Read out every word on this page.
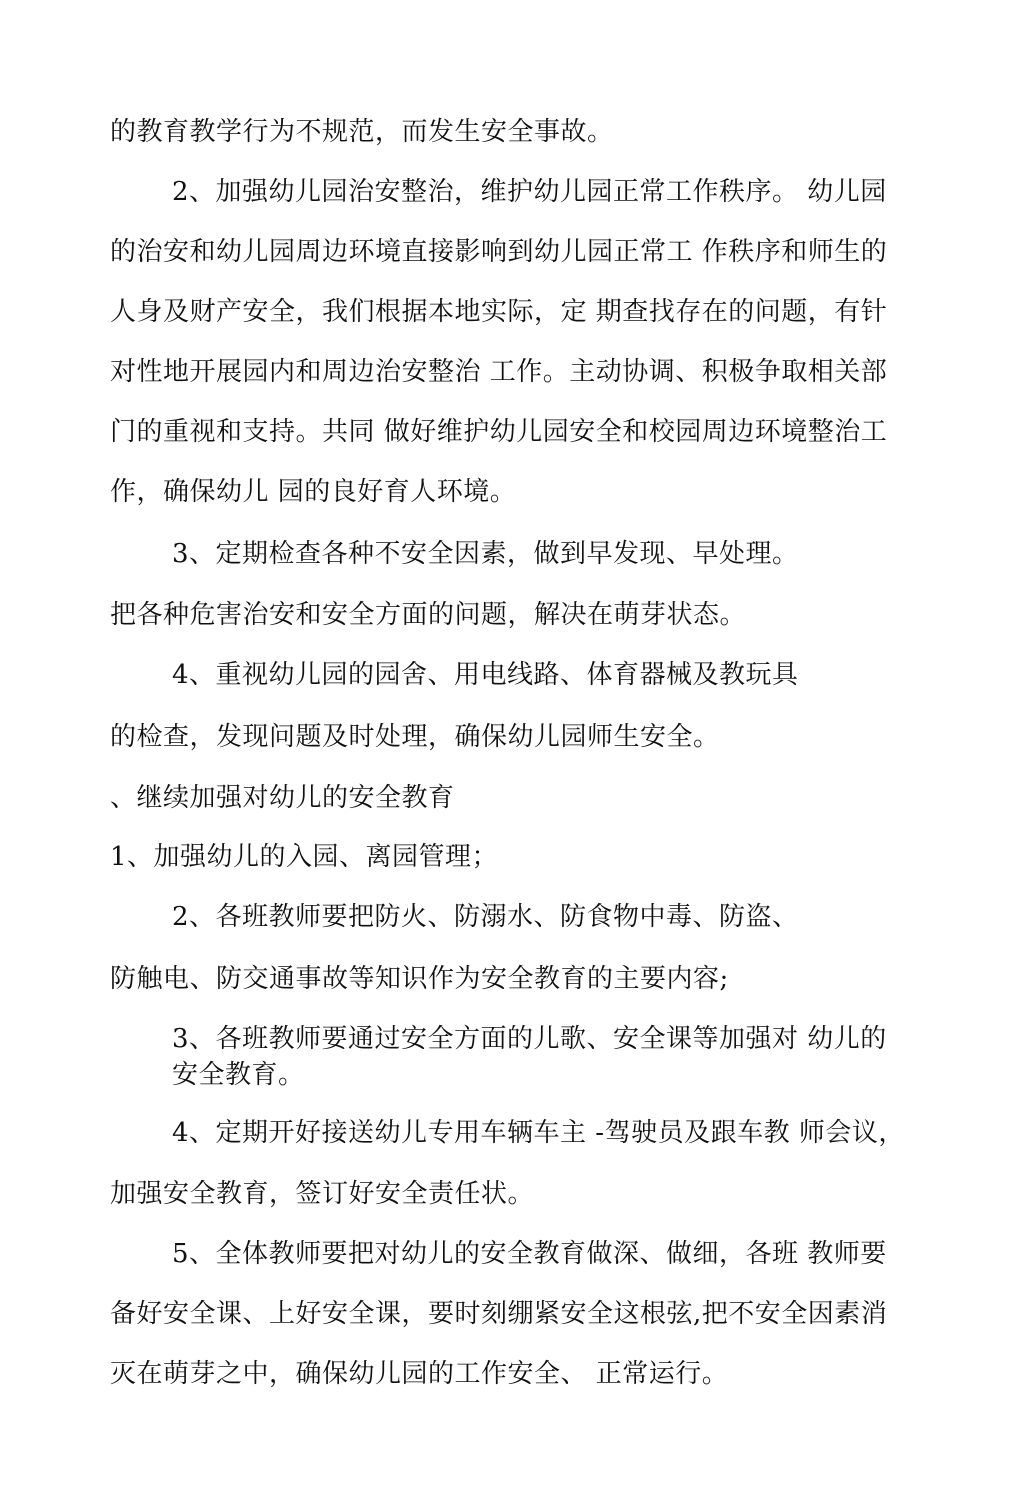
的教育教学行为不规范，而发生安全事故。

2、加强幼儿园治安整治，维护幼儿园正常工作秩序。 幼儿园

的治安和幼儿园周边环境直接影响到幼儿园正常工 作秩序和师生的

人身及财产安全，我们根据本地实际，定 期查找存在的问题，有针

对性地开展园内和周边治安整治 工作。主动协调、积极争取相关部

门的重视和支持。共同 做好维护幼儿园安全和校园周边环境整治工

作，确保幼儿 园的良好育人环境。

3、定期检查各种不安全因素，做到早发现、早处理。

把各种危害治安和安全方面的问题，解决在萌芽状态。

4、重视幼儿园的园舍、用电线路、体育器械及教玩具

的检查，发现问题及时处理，确保幼儿园师生安全。

、继续加强对幼儿的安全教育

1、加强幼儿的入园、离园管理；

2、各班教师要把防火、防溺水、防食物中毒、防盗、

防触电、防交通事故等知识作为安全教育的主要内容;

3、各班教师要通过安全方面的儿歌、安全课等加强对 幼儿的

安全教育。

4、定期开好接送幼儿专用车辆车主 -驾驶员及跟车教 师会议，

加强安全教育，签订好安全责任状。

5、全体教师要把对幼儿的安全教育做深、做细，各班 教师要

备好安全课、上好安全课，要时刻绷紧安全这根弦,把不安全因素消

灭在萌芽之中，确保幼儿园的工作安全、 正常运行。
